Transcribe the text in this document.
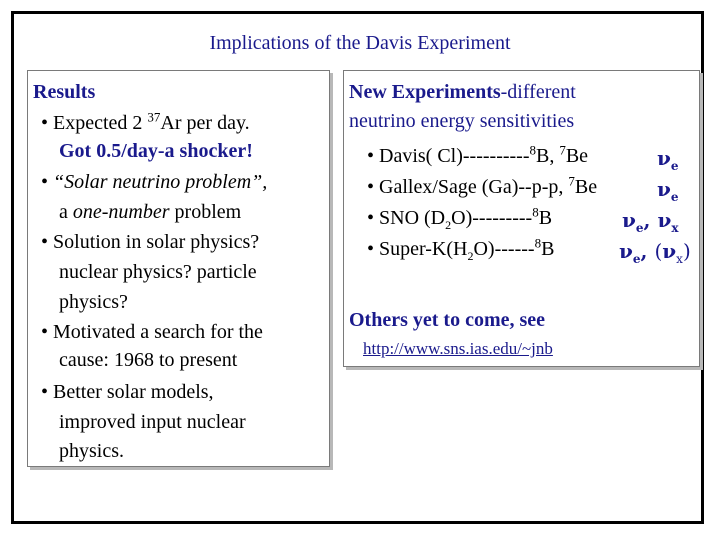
Implications of the Davis Experiment
Results
• Expected 2 $^{37}$Ar per day.
Got 0.5/day-a shocker!
• “Solar neutrino problem”,
a one-number problem
• Solution in solar physics?
nuclear physics? particle
physics?
• Motivated a search for the
cause: 1968 to present
• Better solar models,
improved input nuclear
physics.
New Experiments-different
neutrino energy sensitivities
• Davis( Cl)----------$^8$B, $^7$Be	$\nu_e$
• Gallex/Sage (Ga)--p-p, $^7$Be	$\nu_e$
• SNO $(D_2O)---------^8B$	$\nu_e$, $\nu_x$
• Super-$K(H_2O)------^8B$	$\nu_e$, $(\nu_x)$
Others yet to come, see
http://www.sns.ias.edu/~jnb
